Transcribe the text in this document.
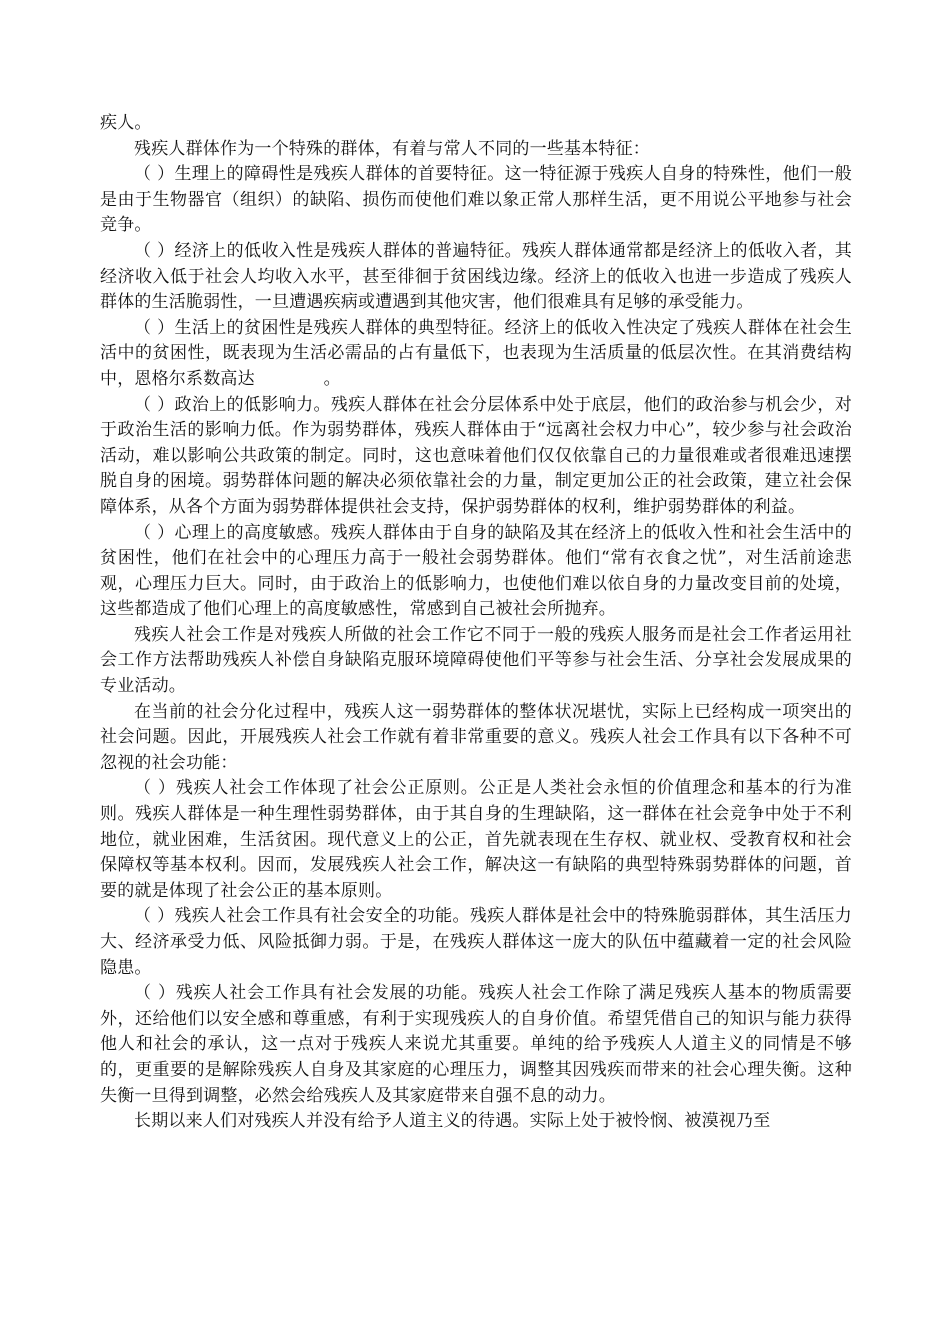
疾人。

残疾人群体作为一个特殊的群体，有着与常人不同的一些基本特征：

（ ）生理上的障碍性是残疾人群体的首要特征。这一特征源于残疾人自身的特殊性，他们一般是由于生物器官（组织）的缺陷、损伤而使他们难以象正常人那样生活，更不用说公平地参与社会竞争。

（ ）经济上的低收入性是残疾人群体的普遍特征。残疾人群体通常都是经济上的低收入者，其经济收入低于社会人均收入水平，甚至徘徊于贫困线边缘。经济上的低收入也进一步造成了残疾人群体的生活脆弱性，一旦遭遇疾病或遭遇到其他灾害，他们很难具有足够的承受能力。

（ ）生活上的贫困性是残疾人群体的典型特征。经济上的低收入性决定了残疾人群体在社会生活中的贫困性，既表现为生活必需品的占有量低下，也表现为生活质量的低层次性。在其消费结构中，恩格尔系数高达　　　　。

（ ）政治上的低影响力。残疾人群体在社会分层体系中处于底层，他们的政治参与机会少，对于政治生活的影响力低。作为弱势群体，残疾人群体由于“远离社会权力中心”，较少参与社会政治活动，难以影响公共政策的制定。同时，这也意味着他们仅仅依靠自己的力量很难或者很难迅速摆脱自身的困境。弱势群体问题的解决必须依靠社会的力量，制定更加公正的社会政策，建立社会保障体系，从各个方面为弱势群体提供社会支持，保护弱势群体的权利，维护弱势群体的利益。

（ ）心理上的高度敏感。残疾人群体由于自身的缺陷及其在经济上的低收入性和社会生活中的贫困性，他们在社会中的心理压力高于一般社会弱势群体。他们“常有衣食之忧”，对生活前途悲观，心理压力巨大。同时，由于政治上的低影响力，也使他们难以依自身的力量改变目前的处境，这些都造成了他们心理上的高度敏感性，常感到自己被社会所抛弃。

残疾人社会工作是对残疾人所做的社会工作它不同于一般的残疾人服务而是社会工作者运用社会工作方法帮助残疾人补偿自身缺陷克服环境障碍使他们平等参与社会生活、分享社会发展成果的专业活动。

在当前的社会分化过程中，残疾人这一弱势群体的整体状况堪忧，实际上已经构成一项突出的社会问题。因此，开展残疾人社会工作就有着非常重要的意义。残疾人社会工作具有以下各种不可忽视的社会功能：

（ ）残疾人社会工作体现了社会公正原则。公正是人类社会永恒的价值理念和基本的行为准则。残疾人群体是一种生理性弱势群体，由于其自身的生理缺陷，这一群体在社会竞争中处于不利地位，就业困难，生活贫困。现代意义上的公正，首先就表现在生存权、就业权、受教育权和社会保障权等基本权利。因而，发展残疾人社会工作，解决这一有缺陷的典型特殊弱势群体的问题，首要的就是体现了社会公正的基本原则。

（ ）残疾人社会工作具有社会安全的功能。残疾人群体是社会中的特殊脆弱群体，其生活压力大、经济承受力低、风险抵御力弱。于是，在残疾人群体这一庞大的队伍中蕴藏着一定的社会风险隐患。

（ ）残疾人社会工作具有社会发展的功能。残疾人社会工作除了满足残疾人基本的物质需要外，还给他们以安全感和尊重感，有利于实现残疾人的自身价值。希望凭借自己的知识与能力获得他人和社会的承认，这一点对于残疾人来说尤其重要。单纯的给予残疾人人道主义的同情是不够的，更重要的是解除残疾人自身及其家庭的心理压力，调整其因残疾而带来的社会心理失衡。这种失衡一旦得到调整，必然会给残疾人及其家庭带来自强不息的动力。

长期以来人们对残疾人并没有给予人道主义的待遇。实际上处于被怜悯、被漠视乃至
